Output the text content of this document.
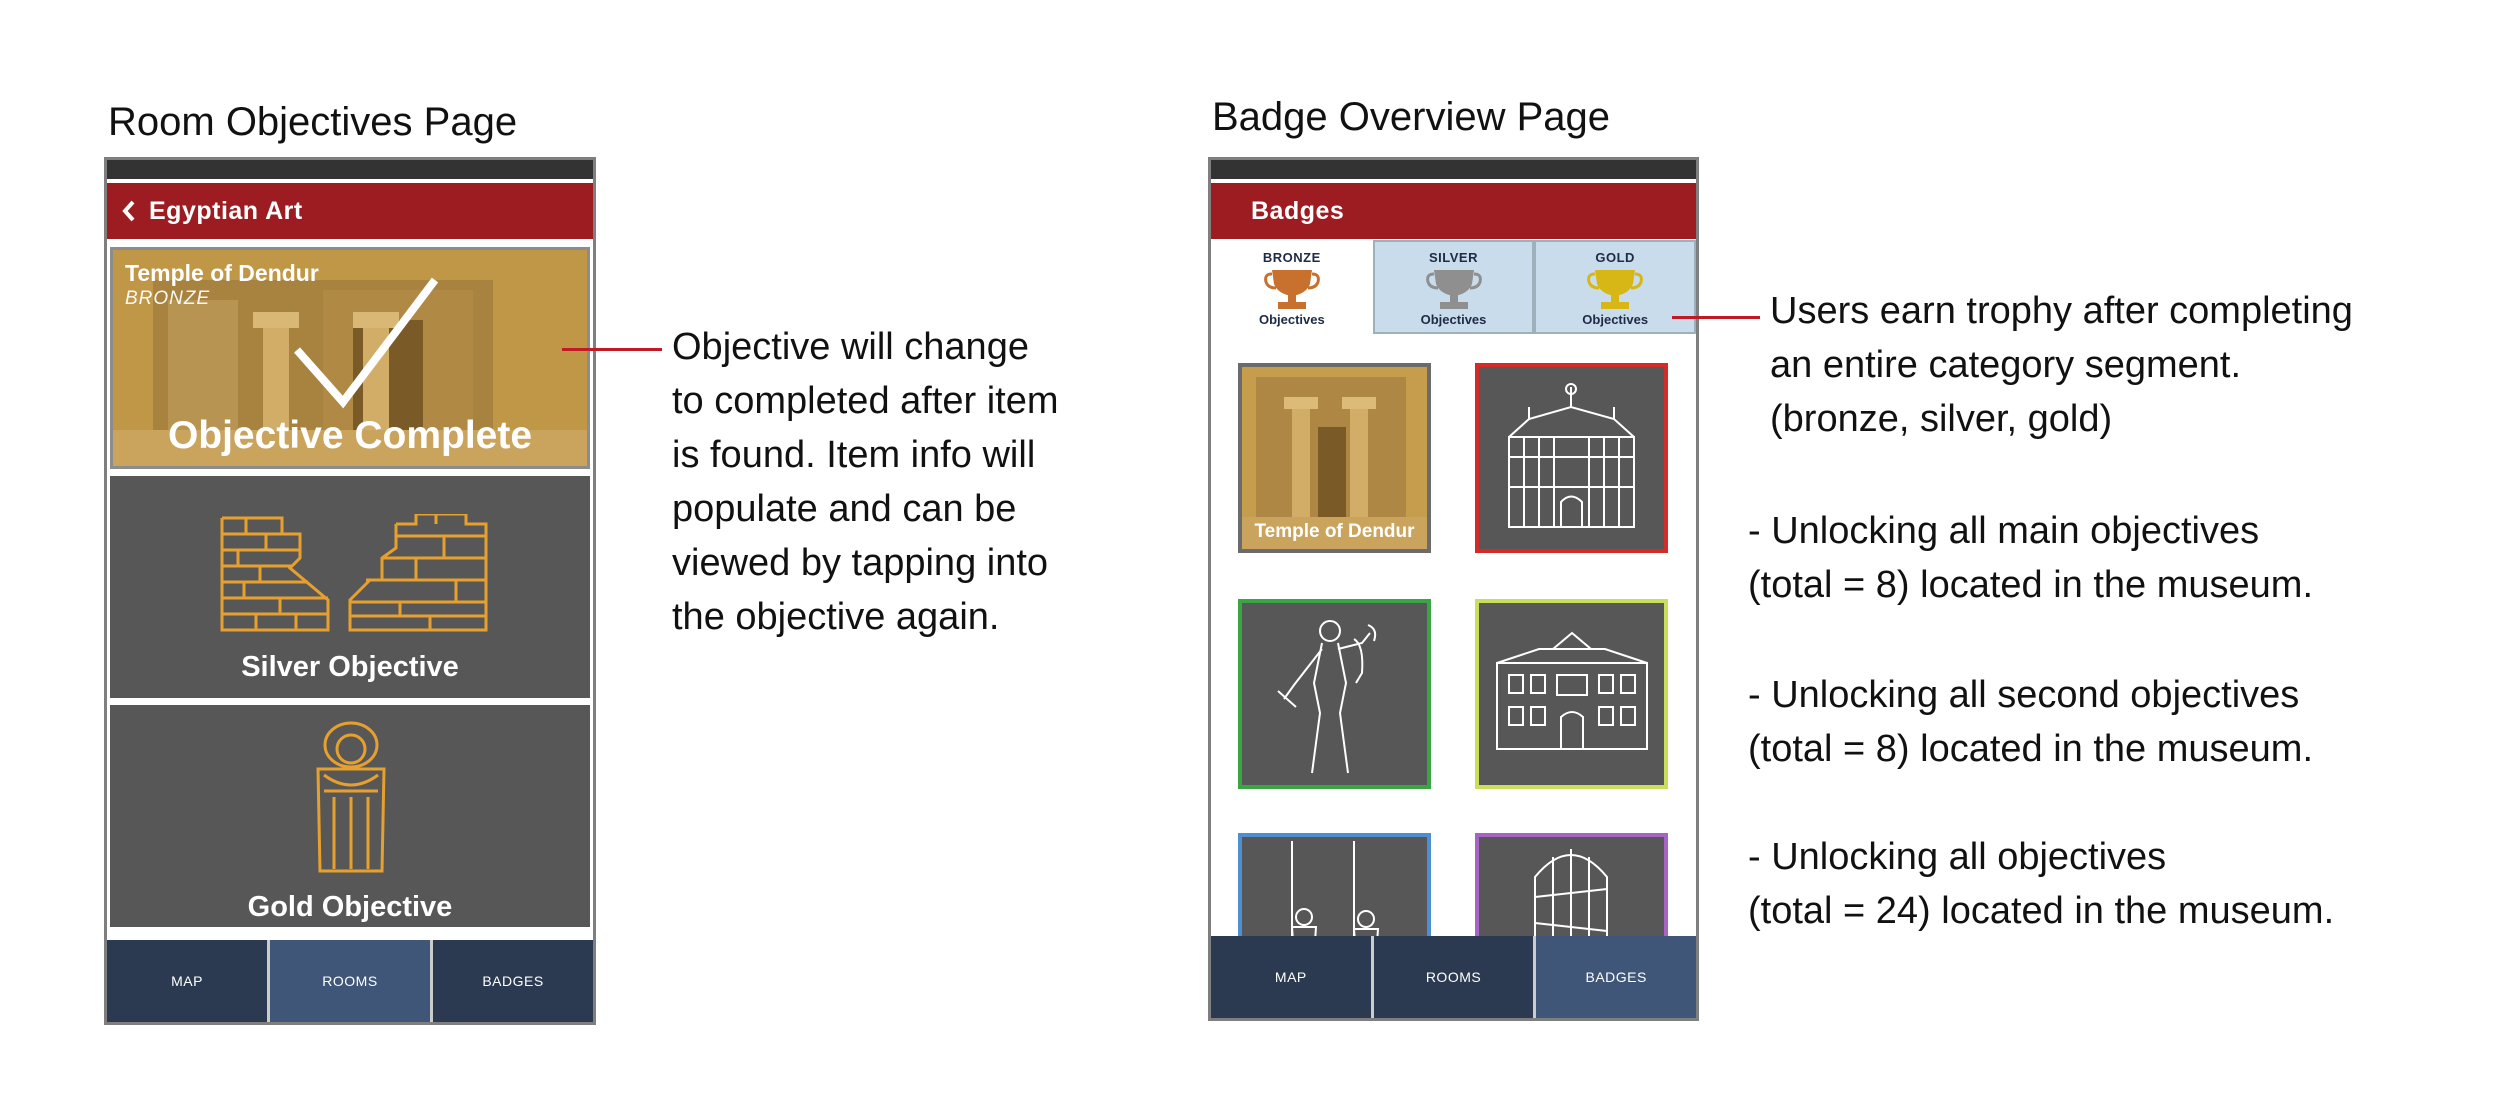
Room Objectives Page	Badge Overview Page
Egyptian Art
Temple of Dendur
BRONZE
Objective Complete
Silver Objective
Gold Objective
MAP	ROOMS	BADGES
Badges
BRONZE
Objectives
SILVER
Objectives
GOLD
Objectives
Temple of Dendur
MAP	ROOMS	BADGES
Objective will change
to completed after item
is found. Item info will
populate and can be
viewed by tapping into
the objective again.
Users earn trophy after completing
an entire category segment.
(bronze, silver, gold)
- Unlocking all main objectives
(total = 8) located in the museum.
- Unlocking all second objectives
(total = 8) located in the museum.
- Unlocking all objectives
(total = 24) located in the museum.
